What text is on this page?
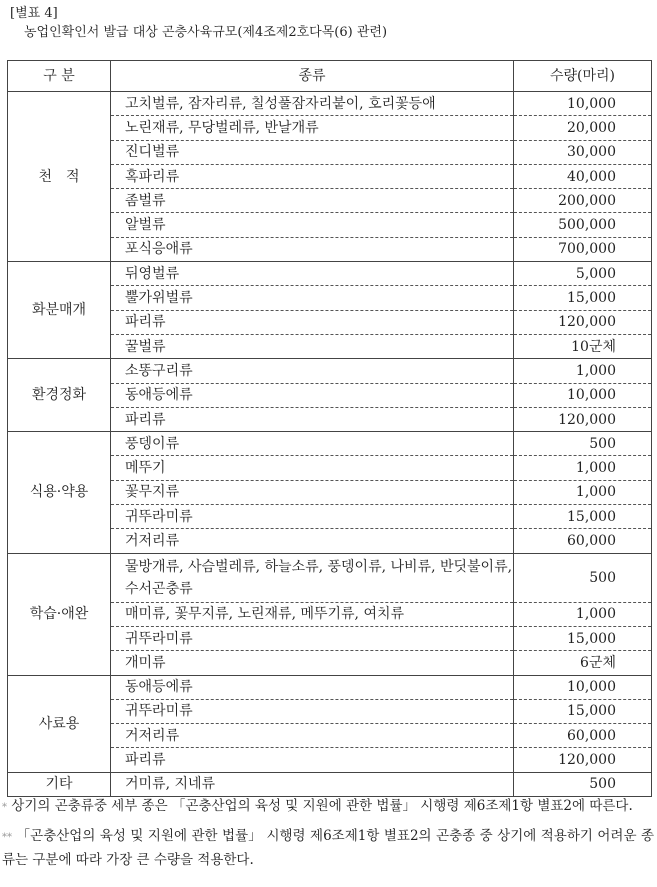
[별표 4]
농업인확인서 발급 대상 곤충사육규모(제4조제2호다목(6) 관련)
구 분	종류	수량(마리)
천　적	고치벌류, 잠자리류, 칠성풀잠자리붙이, 호리꽃등애	10,000
	노린재류, 무당벌레류, 반날개류	20,000
	진디벌류	30,000
	혹파리류	40,000
	좀벌류	200,000
	알벌류	500,000
	포식응애류	700,000
화분매개	뒤영벌류	5,000
	뿔가위벌류	15,000
	파리류	120,000
	꿀벌류	10군체
환경정화	소똥구리류	1,000
	동애등에류	10,000
	파리류	120,000
식용·약용	풍뎅이류	500
	메뚜기	1,000
	꽃무지류	1,000
	귀뚜라미류	15,000
	거저리류	60,000
학습·애완	물방개류, 사슴벌레류, 하늘소류, 풍뎅이류, 나비류, 반딧불이류, 수서곤충류	500
	매미류, 꽃무지류, 노린재류, 메뚜기류, 여치류	1,000
	귀뚜라미류	15,000
	개미류	6군체
사료용	동애등에류	10,000
	귀뚜라미류	15,000
	거저리류	60,000
	파리류	120,000
기타	거미류, 지네류	500

* 상기의 곤충류중 세부 종은 「곤충산업의 육성 및 지원에 관한 법률」 시행령 제6조제1항 별표2에 따른다.

** 「곤충산업의 육성 및 지원에 관한 법률」 시행령 제6조제1항 별표2의 곤충종 중 상기에 적용하기 어려운 종류는 구분에 따라 가장 큰 수량을 적용한다.
